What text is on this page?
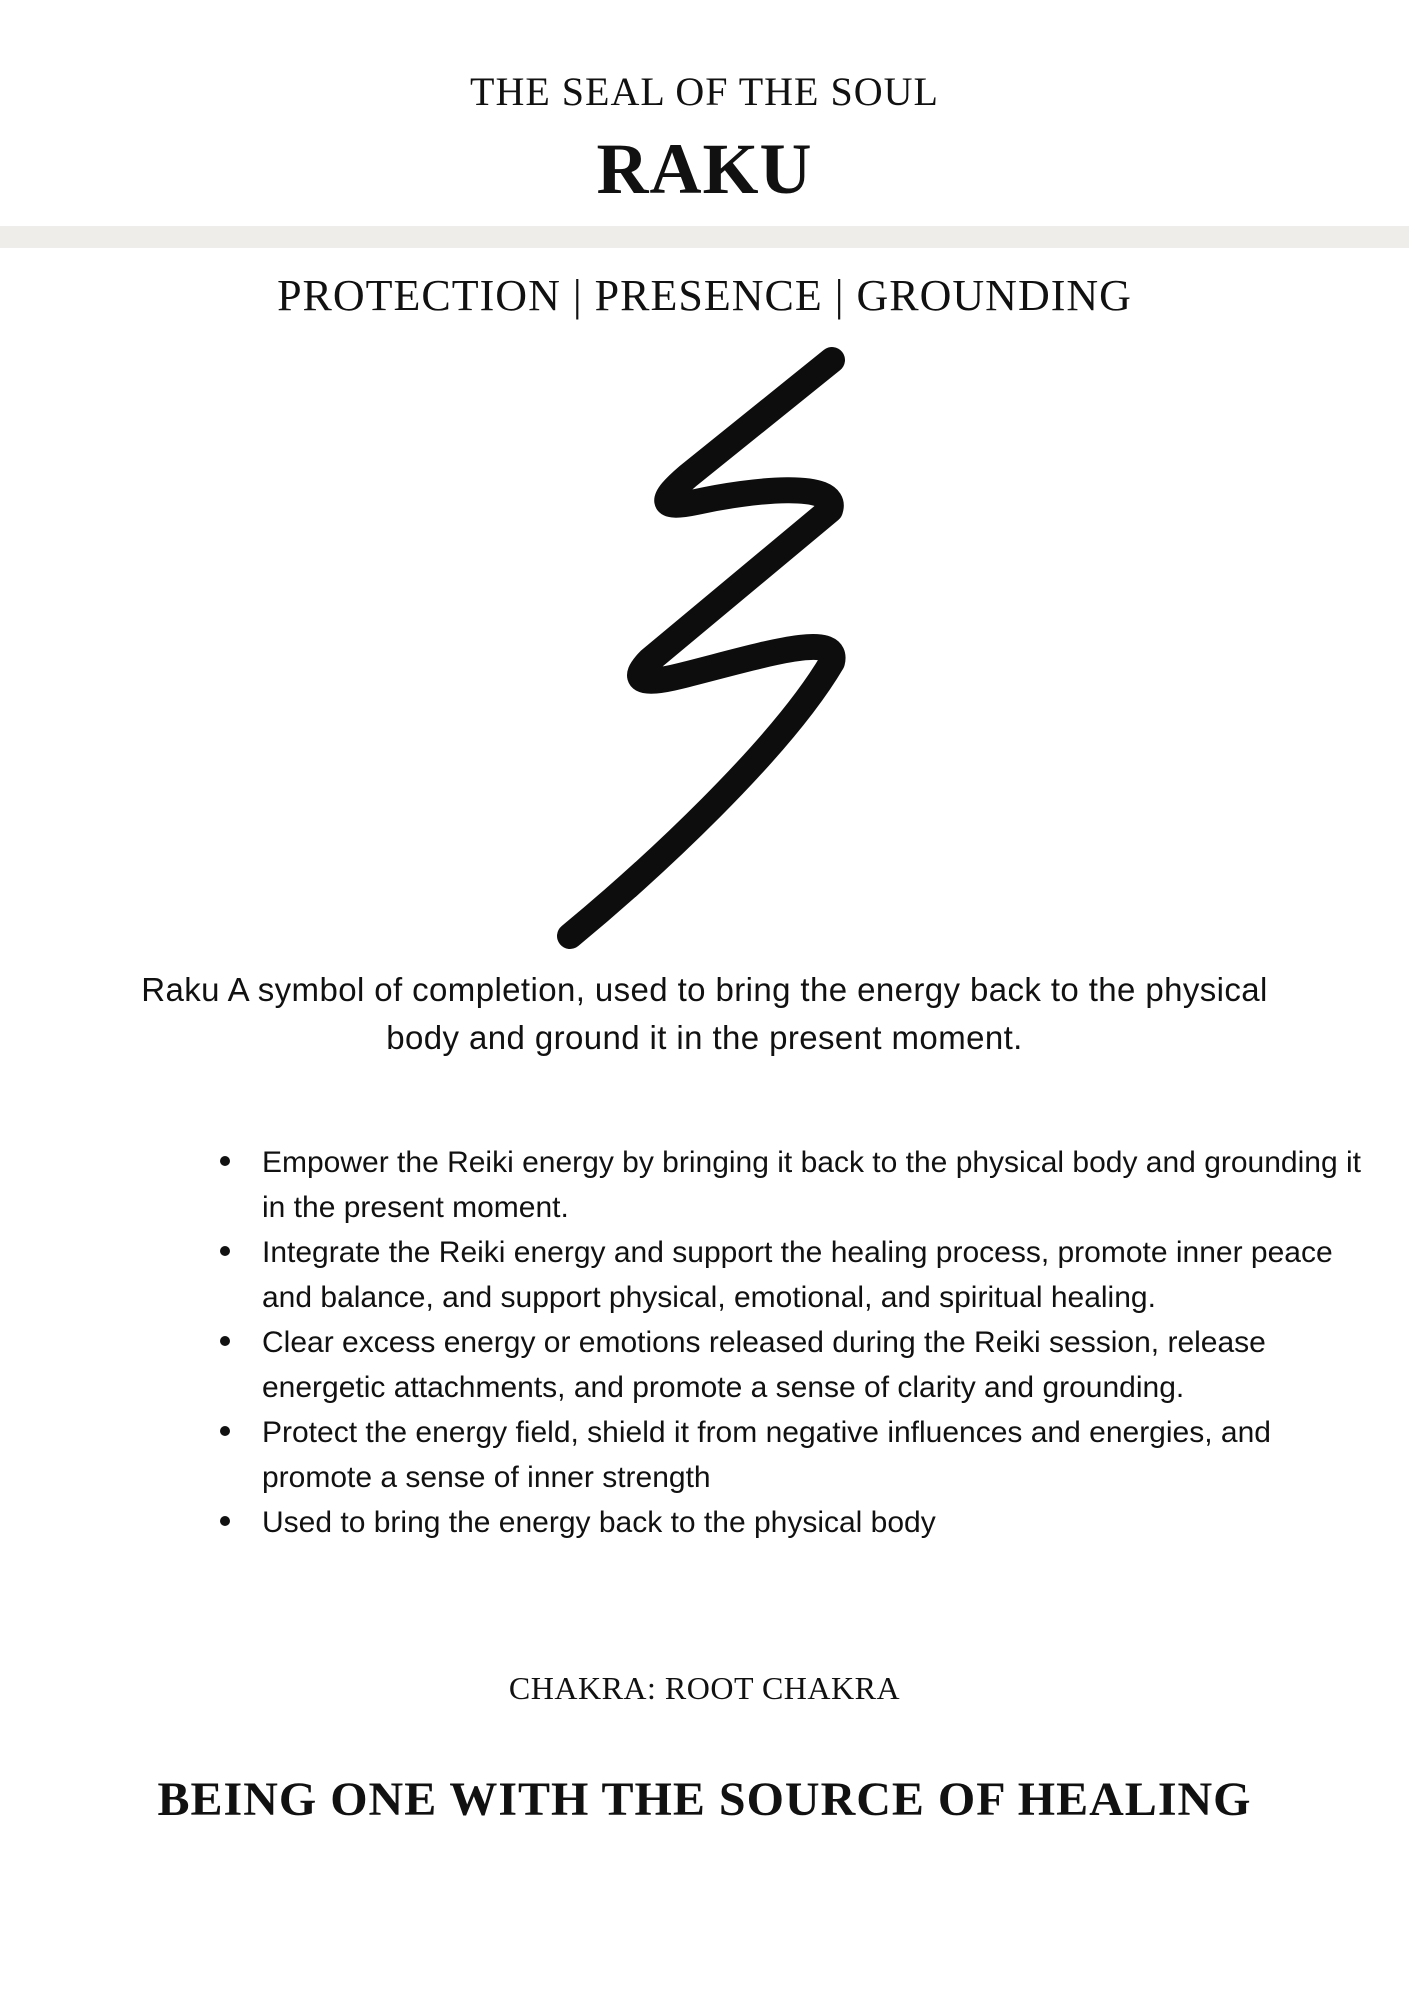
THE SEAL OF THE SOUL
RAKU
PROTECTION | PRESENCE | GROUNDING

Raku A symbol of completion, used to bring the energy back to the physical body and ground it in the present moment.

Empower the Reiki energy by bringing it back to the physical body and grounding it in the present moment.
Integrate the Reiki energy and support the healing process, promote inner peace and balance, and support physical, emotional, and spiritual healing.
Clear excess energy or emotions released during the Reiki session, release energetic attachments, and promote a sense of clarity and grounding.
Protect the energy field, shield it from negative influences and energies, and promote a sense of inner strength
Used to bring the energy back to the physical body
CHAKRA: ROOT CHAKRA
BEING ONE WITH THE SOURCE OF HEALING
